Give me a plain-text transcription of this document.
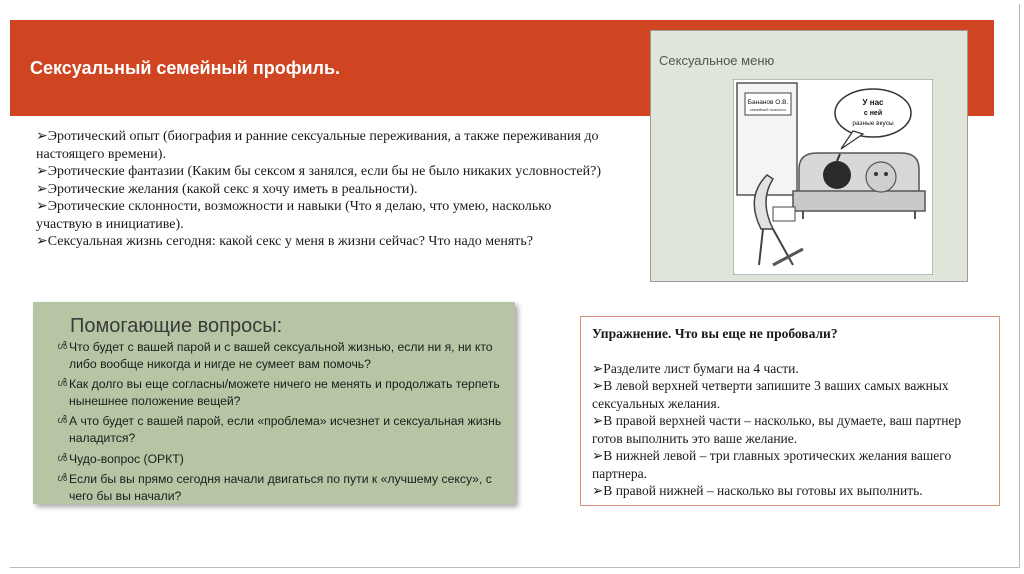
Сексуальный семейный профиль.

➢Эротический опыт (биография и ранние сексуальные переживания, а также переживания до настоящего времени).

➢Эротические фантазии (Каким бы сексом я занялся, если бы не было никаких условностей?)

➢Эротические желания (какой секс я хочу иметь в реальности).

➢Эротические склонности, возможности и навыки (Что я делаю, что умею, насколько участвую в инициативе).

➢Сексуальная жизнь сегодня: какой секс у меня в жизни сейчас? Что надо менять?

Сексуальное меню
Бананов О.В.
семейный психолог
У нас
с ней
разные вкусы
Помогающие вопросы:
ൾ Что будет с вашей парой и с вашей сексуальной жизнью, если ни я, ни кто либо вообще никогда и нигде не сумеет вам помочь?
ൾ Как долго вы еще согласны/можете ничего не менять и продолжать терпеть нынешнее положение вещей?
ൾ А что будет с вашей парой, если «проблема» исчезнет и сексуальная жизнь наладится?
ൾ Чудо-вопрос (ОРКТ)
ൾ Если бы вы прямо сегодня начали двигаться по пути к «лучшему сексу», с чего бы вы начали?

Упражнение. Что вы еще не пробовали?

➢Разделите лист бумаги на 4 части.

➢В левой верхней четверти запишите 3 ваших самых важных сексуальных желания.

➢В правой верхней части – насколько, вы думаете, ваш партнер готов выполнить это ваше желание.

➢В нижней левой – три главных эротических желания вашего партнера.

➢В правой нижней – насколько вы готовы их выполнить.
